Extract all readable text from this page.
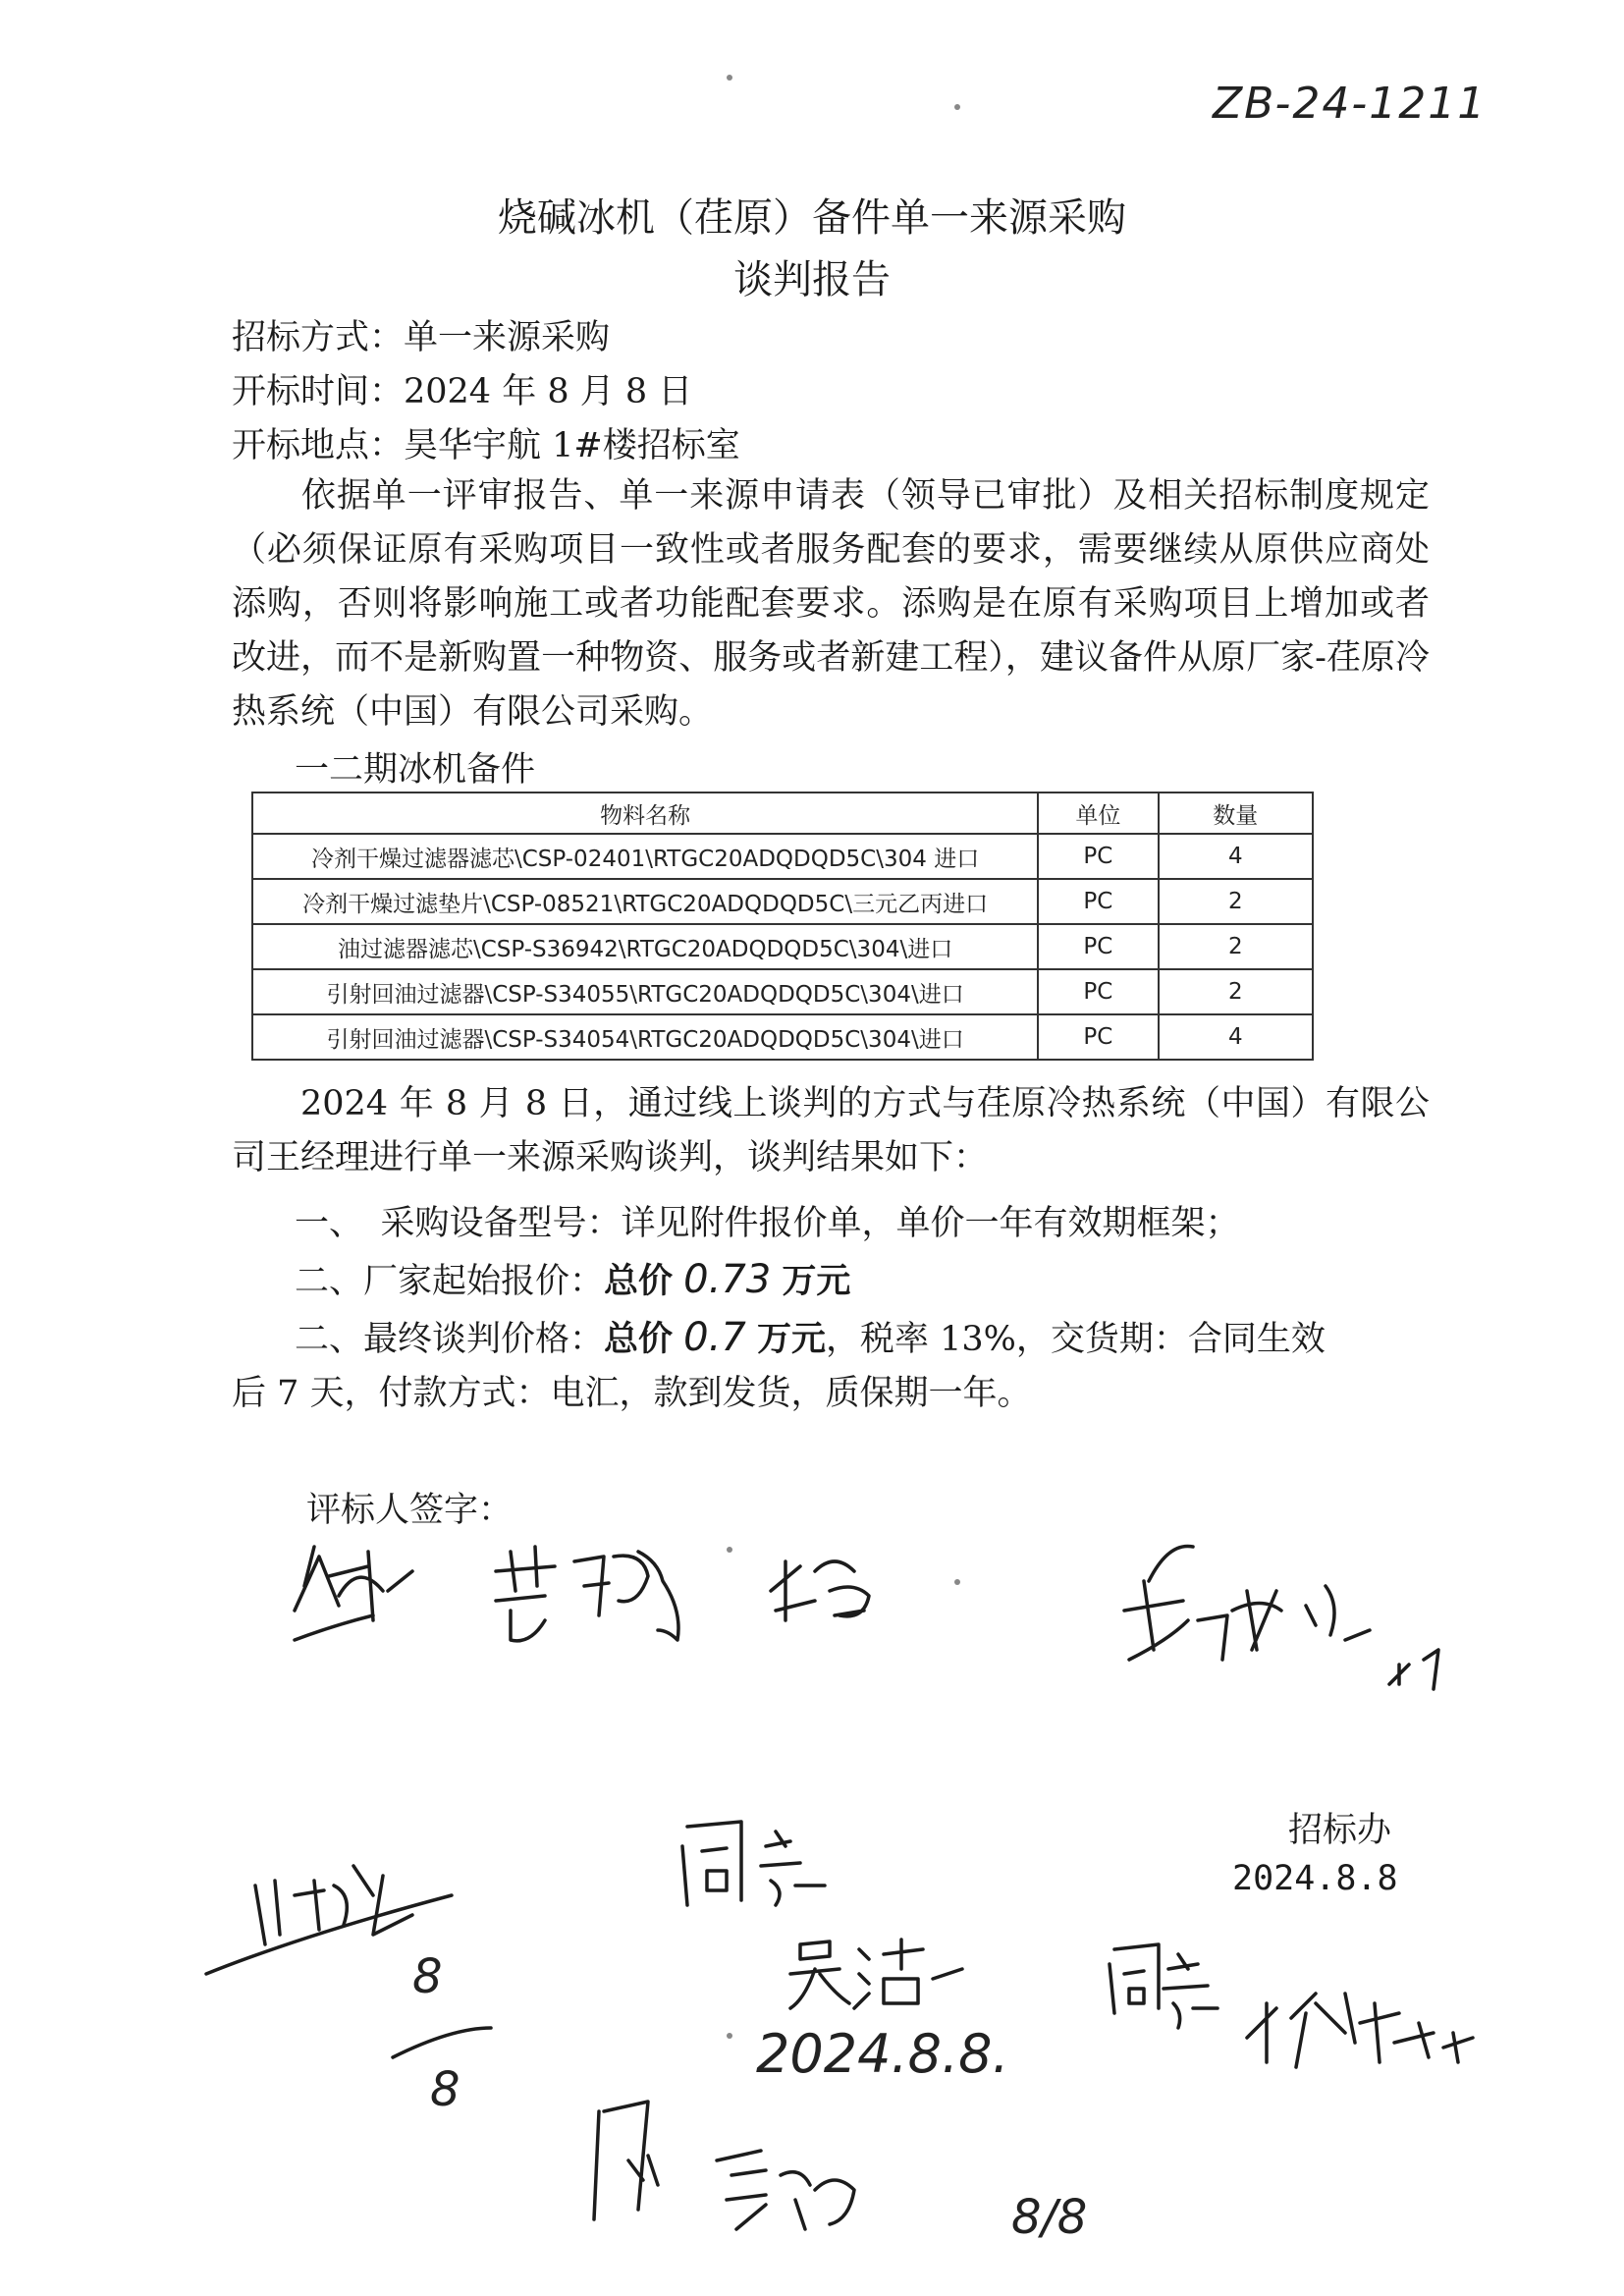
ZB-24-1211
烧碱冰机（荏原）备件单一来源采购
谈判报告
招标方式：单一来源采购
开标时间：2024 年 8 月 8 日
开标地点：昊华宇航 1#楼招标室
依据单一评审报告、单一来源申请表（领导已审批）及相关招标制度规定（必须保证原有采购项目一致性或者服务配套的要求，需要继续从原供应商处添购，否则将影响施工或者功能配套要求。添购是在原有采购项目上增加或者改进，而不是新购置一种物资、服务或者新建工程），建议备件从原厂家-荏原冷热系统（中国）有限公司采购。
一二期冰机备件
物料名称	单位	数量
冷剂干燥过滤器滤芯\CSP-02401\RTGC20ADQDQD5C\304 进口	PC	4
冷剂干燥过滤垫片\CSP-08521\RTGC20ADQDQD5C\三元乙丙进口	PC	2
油过滤器滤芯\CSP-S36942\RTGC20ADQDQD5C\304\进口	PC	2
引射回油过滤器\CSP-S34055\RTGC20ADQDQD5C\304\进口	PC	2
引射回油过滤器\CSP-S34054\RTGC20ADQDQD5C\304\进口	PC	4
2024 年 8 月 8 日，通过线上谈判的方式与荏原冷热系统（中国）有限公司王经理进行单一来源采购谈判，谈判结果如下：
一、　采购设备型号：详见附件报价单，单价一年有效期框架；
二、厂家起始报价：总价 0.73 万元
二、最终谈判价格：总价 0.7 万元，税率 13%，交货期：合同生效
后 7 天，付款方式：电汇，款到发货，质保期一年。
评标人签字：
招标办
2024.8.8
8
8
2024.8.8.
8/8
